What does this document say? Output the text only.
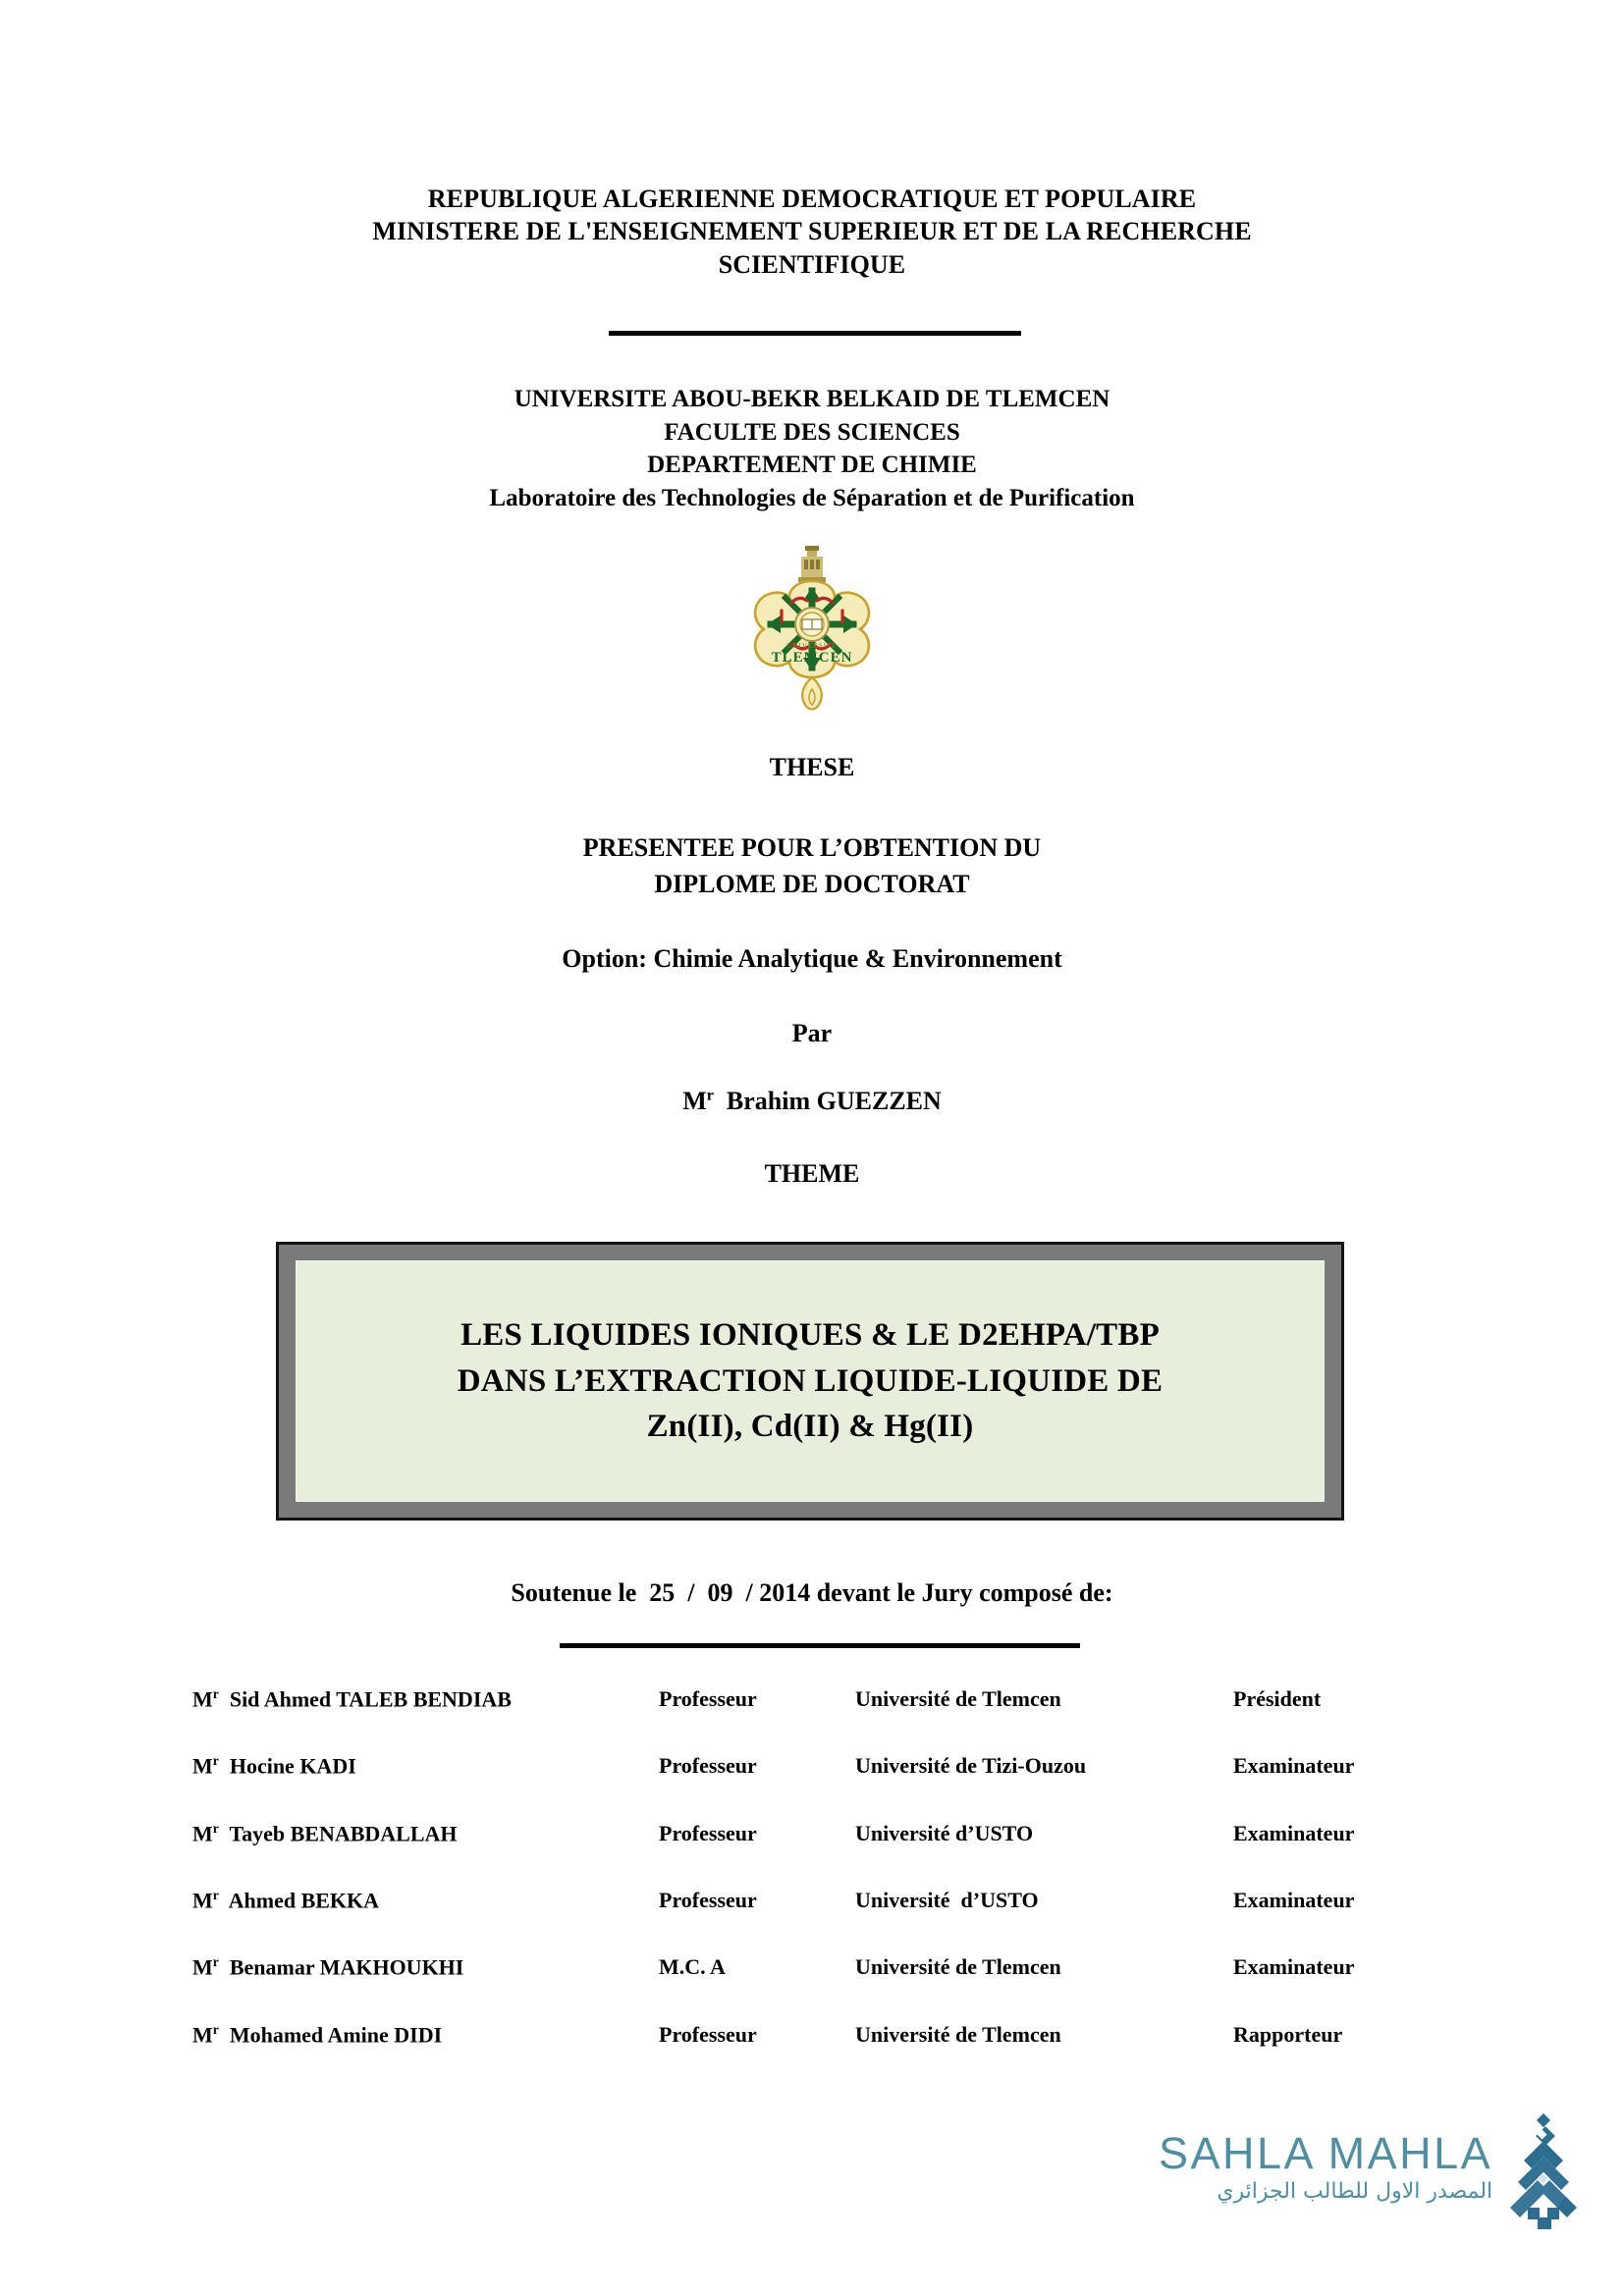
REPUBLIQUE ALGERIENNE DEMOCRATIQUE ET POPULAIRE
MINISTERE DE L'ENSEIGNEMENT SUPERIEUR ET DE LA RECHERCHE
SCIENTIFIQUE
UNIVERSITE ABOU-BEKR BELKAID DE TLEMCEN
FACULTE DES SCIENCES
DEPARTEMENT DE CHIMIE
Laboratoire des Technologies de Séparation et de Purification
TLEMCEN
UNIVERSITE
THESE
PRESENTEE POUR L’OBTENTION DU
DIPLOME DE DOCTORAT
Option: Chimie Analytique & Environnement
Par
$M^r$ Brahim GUEZZEN
THEME
LES LIQUIDES IONIQUES & LE D2EHPA/TBP
DANS L’EXTRACTION LIQUIDE-LIQUIDE DE
Zn(II), Cd(II) & Hg(II)
Soutenue le  25  /  09  / 2014 devant le Jury composé de:
$M^r$ Sid Ahmed TALEB BENDIAB	Professeur	Université de Tlemcen	Président
$M^r$ Hocine KADI	Professeur	Université de Tizi-Ouzou	Examinateur
$M^r$ Tayeb BENABDALLAH	Professeur	Université d’USTO	Examinateur
$M^r$ Ahmed BEKKA	Professeur	Université  d’USTO	Examinateur
$M^r$ Benamar MAKHOUKHI	M.C. A	Université de Tlemcen	Examinateur
$M^r$ Mohamed Amine DIDI	Professeur	Université de Tlemcen	Rapporteur
SAHLA MAHLA
المصدر الاول للطالب الجزائري
